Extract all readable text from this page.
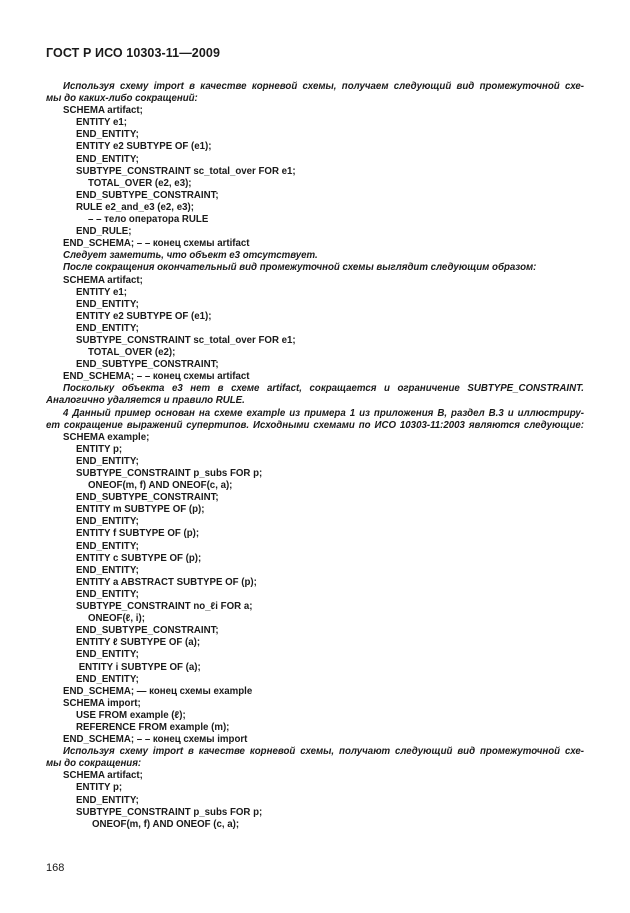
ГОСТ Р ИСО 10303-11—2009
Используя схему import в качестве корневой схемы, получаем следующий вид промежуточной схе-
мы до каких-либо сокращений:
SCHEMA artifact;
ENTITY e1;
END_ENTITY;
ENTITY e2 SUBTYPE OF (e1);
END_ENTITY;
SUBTYPE_CONSTRAINT sc_total_over FOR e1;
TOTAL_OVER (e2, e3);
END_SUBTYPE_CONSTRAINT;
RULE e2_and_e3 (e2, e3);
– – тело оператора RULE
END_RULE;
END_SCHEMA; – – конец схемы artifact
Следует заметить, что объект e3 отсутствует.
После сокращения окончательный вид промежуточной схемы выглядит следующим образом:
SCHEMA artifact;
ENTITY e1;
END_ENTITY;
ENTITY e2 SUBTYPE OF (e1);
END_ENTITY;
SUBTYPE_CONSTRAINT sc_total_over FOR e1;
TOTAL_OVER (e2);
END_SUBTYPE_CONSTRAINT;
END_SCHEMA; – – конец схемы artifact
Поскольку объекта e3 нет в схеме artifact, сокращается и ограничение SUBTYPE_CONSTRAINT.
Аналогично удаляется и правило RULE.
4 Данный пример основан на схеме example из примера 1 из приложения В, раздел В.3 и иллюстриру-
ет сокращение выражений супертипов. Исходными схемами по ИСО 10303-11:2003 являются следующие:
SCHEMA example;
ENTITY p;
END_ENTITY;
SUBTYPE_CONSTRAINT p_subs FOR p;
ONEOF(m, f) AND ONEOF(c, a);
END_SUBTYPE_CONSTRAINT;
ENTITY m SUBTYPE OF (p);
END_ENTITY;
ENTITY f SUBTYPE OF (p);
END_ENTITY;
ENTITY c SUBTYPE OF (p);
END_ENTITY;
ENTITY a ABSTRACT SUBTYPE OF (p);
END_ENTITY;
SUBTYPE_CONSTRAINT no_ℓi FOR a;
ONEOF(ℓ, i);
END_SUBTYPE_CONSTRAINT;
ENTITY ℓ SUBTYPE OF (a);
END_ENTITY;
ENTITY i SUBTYPE OF (a);
END_ENTITY;
END_SCHEMA; — конец схемы example
SCHEMA import;
USE FROM example (ℓ);
REFERENCE FROM example (m);
END_SCHEMA; – – конец схемы import
Используя схему import в качестве корневой схемы, получают следующий вид промежуточной схе-
мы до сокращения:
SCHEMA artifact;
ENTITY p;
END_ENTITY;
SUBTYPE_CONSTRAINT p_subs FOR p;
ONEOF(m, f) AND ONEOF (c, a);
168
